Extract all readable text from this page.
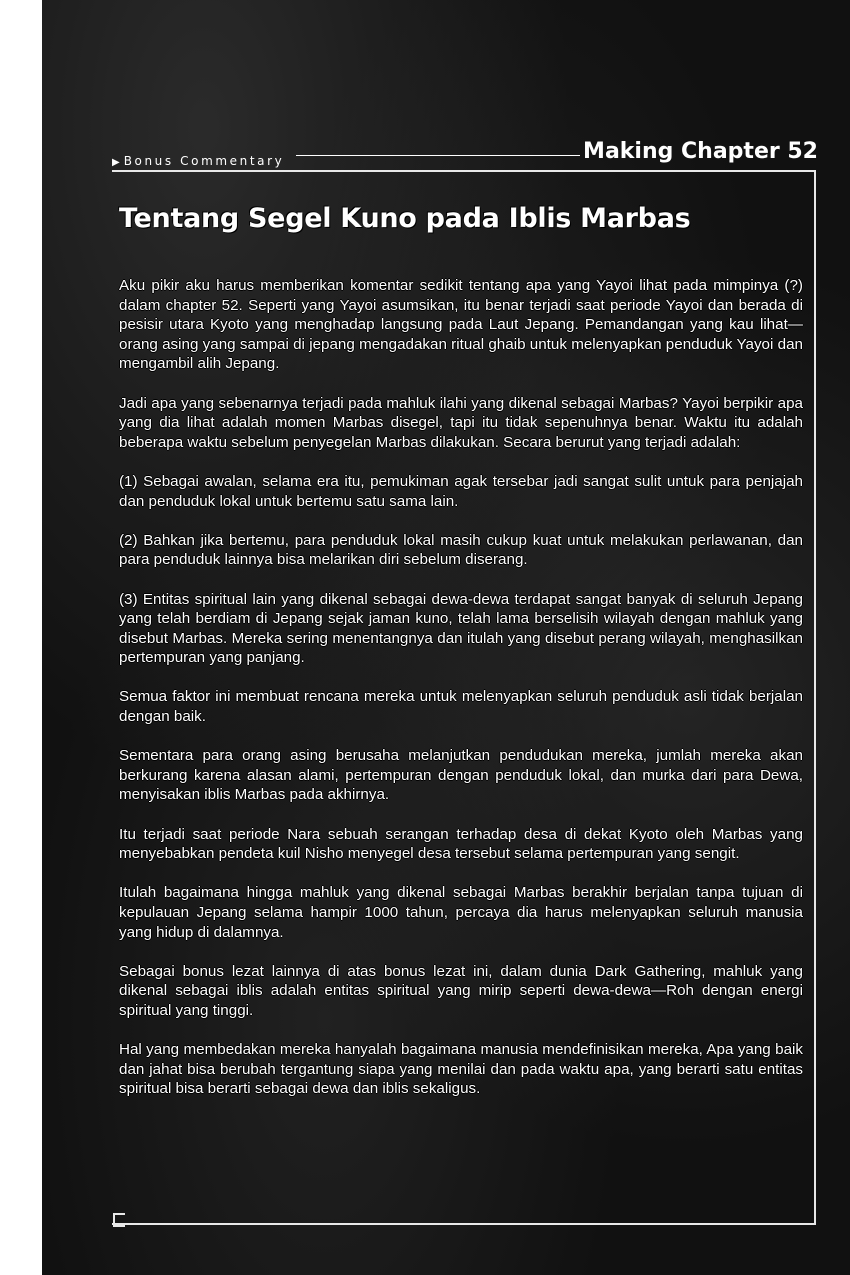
▶ Bonus Commentary	Making Chapter 52
Tentang Segel Kuno pada Iblis Marbas

Aku pikir aku harus memberikan komentar sedikit tentang apa yang Yayoi lihat pada mimpinya (?) dalam chapter 52. Seperti yang Yayoi asumsikan, itu benar terjadi saat periode Yayoi dan berada di pesisir utara Kyoto yang menghadap langsung pada Laut Jepang. Pemandangan yang kau lihat— orang asing yang sampai di jepang mengadakan ritual ghaib untuk melenyapkan penduduk Yayoi dan mengambil alih Jepang.

Jadi apa yang sebenarnya terjadi pada mahluk ilahi yang dikenal sebagai Marbas? Yayoi berpikir apa yang dia lihat adalah momen Marbas disegel, tapi itu tidak sepenuhnya benar. Waktu itu adalah beberapa waktu sebelum penyegelan Marbas dilakukan. Secara berurut yang terjadi adalah:

(1) Sebagai awalan, selama era itu, pemukiman agak tersebar jadi sangat sulit untuk para penjajah dan penduduk lokal untuk bertemu satu sama lain.

(2) Bahkan jika bertemu, para penduduk lokal masih cukup kuat untuk melakukan perlawanan, dan para penduduk lainnya bisa melarikan diri sebelum diserang.

(3) Entitas spiritual lain yang dikenal sebagai dewa-dewa terdapat sangat banyak di seluruh Jepang yang telah berdiam di Jepang sejak jaman kuno, telah lama berselisih wilayah dengan mahluk yang disebut Marbas. Mereka sering menentangnya dan itulah yang disebut perang wilayah, menghasilkan pertempuran yang panjang.

Semua faktor ini membuat rencana mereka untuk melenyapkan seluruh penduduk asli tidak berjalan dengan baik.

Sementara para orang asing berusaha melanjutkan pendudukan mereka, jumlah mereka akan berkurang karena alasan alami, pertempuran dengan penduduk lokal, dan murka dari para Dewa, menyisakan iblis Marbas pada akhirnya.

Itu terjadi saat periode Nara sebuah serangan terhadap desa di dekat Kyoto oleh Marbas yang menyebabkan pendeta kuil Nisho menyegel desa tersebut selama pertempuran yang sengit.

Itulah bagaimana hingga mahluk yang dikenal sebagai Marbas berakhir berjalan tanpa tujuan di kepulauan Jepang selama hampir 1000 tahun, percaya dia harus melenyapkan seluruh manusia yang hidup di dalamnya.

Sebagai bonus lezat lainnya di atas bonus lezat ini, dalam dunia Dark Gathering, mahluk yang dikenal sebagai iblis adalah entitas spiritual yang mirip seperti dewa-dewa—Roh dengan energi spiritual yang tinggi.

Hal yang membedakan mereka hanyalah bagaimana manusia mendefinisikan mereka, Apa yang baik dan jahat bisa berubah tergantung siapa yang menilai dan pada waktu apa, yang berarti satu entitas spiritual bisa berarti sebagai dewa dan iblis sekaligus.
